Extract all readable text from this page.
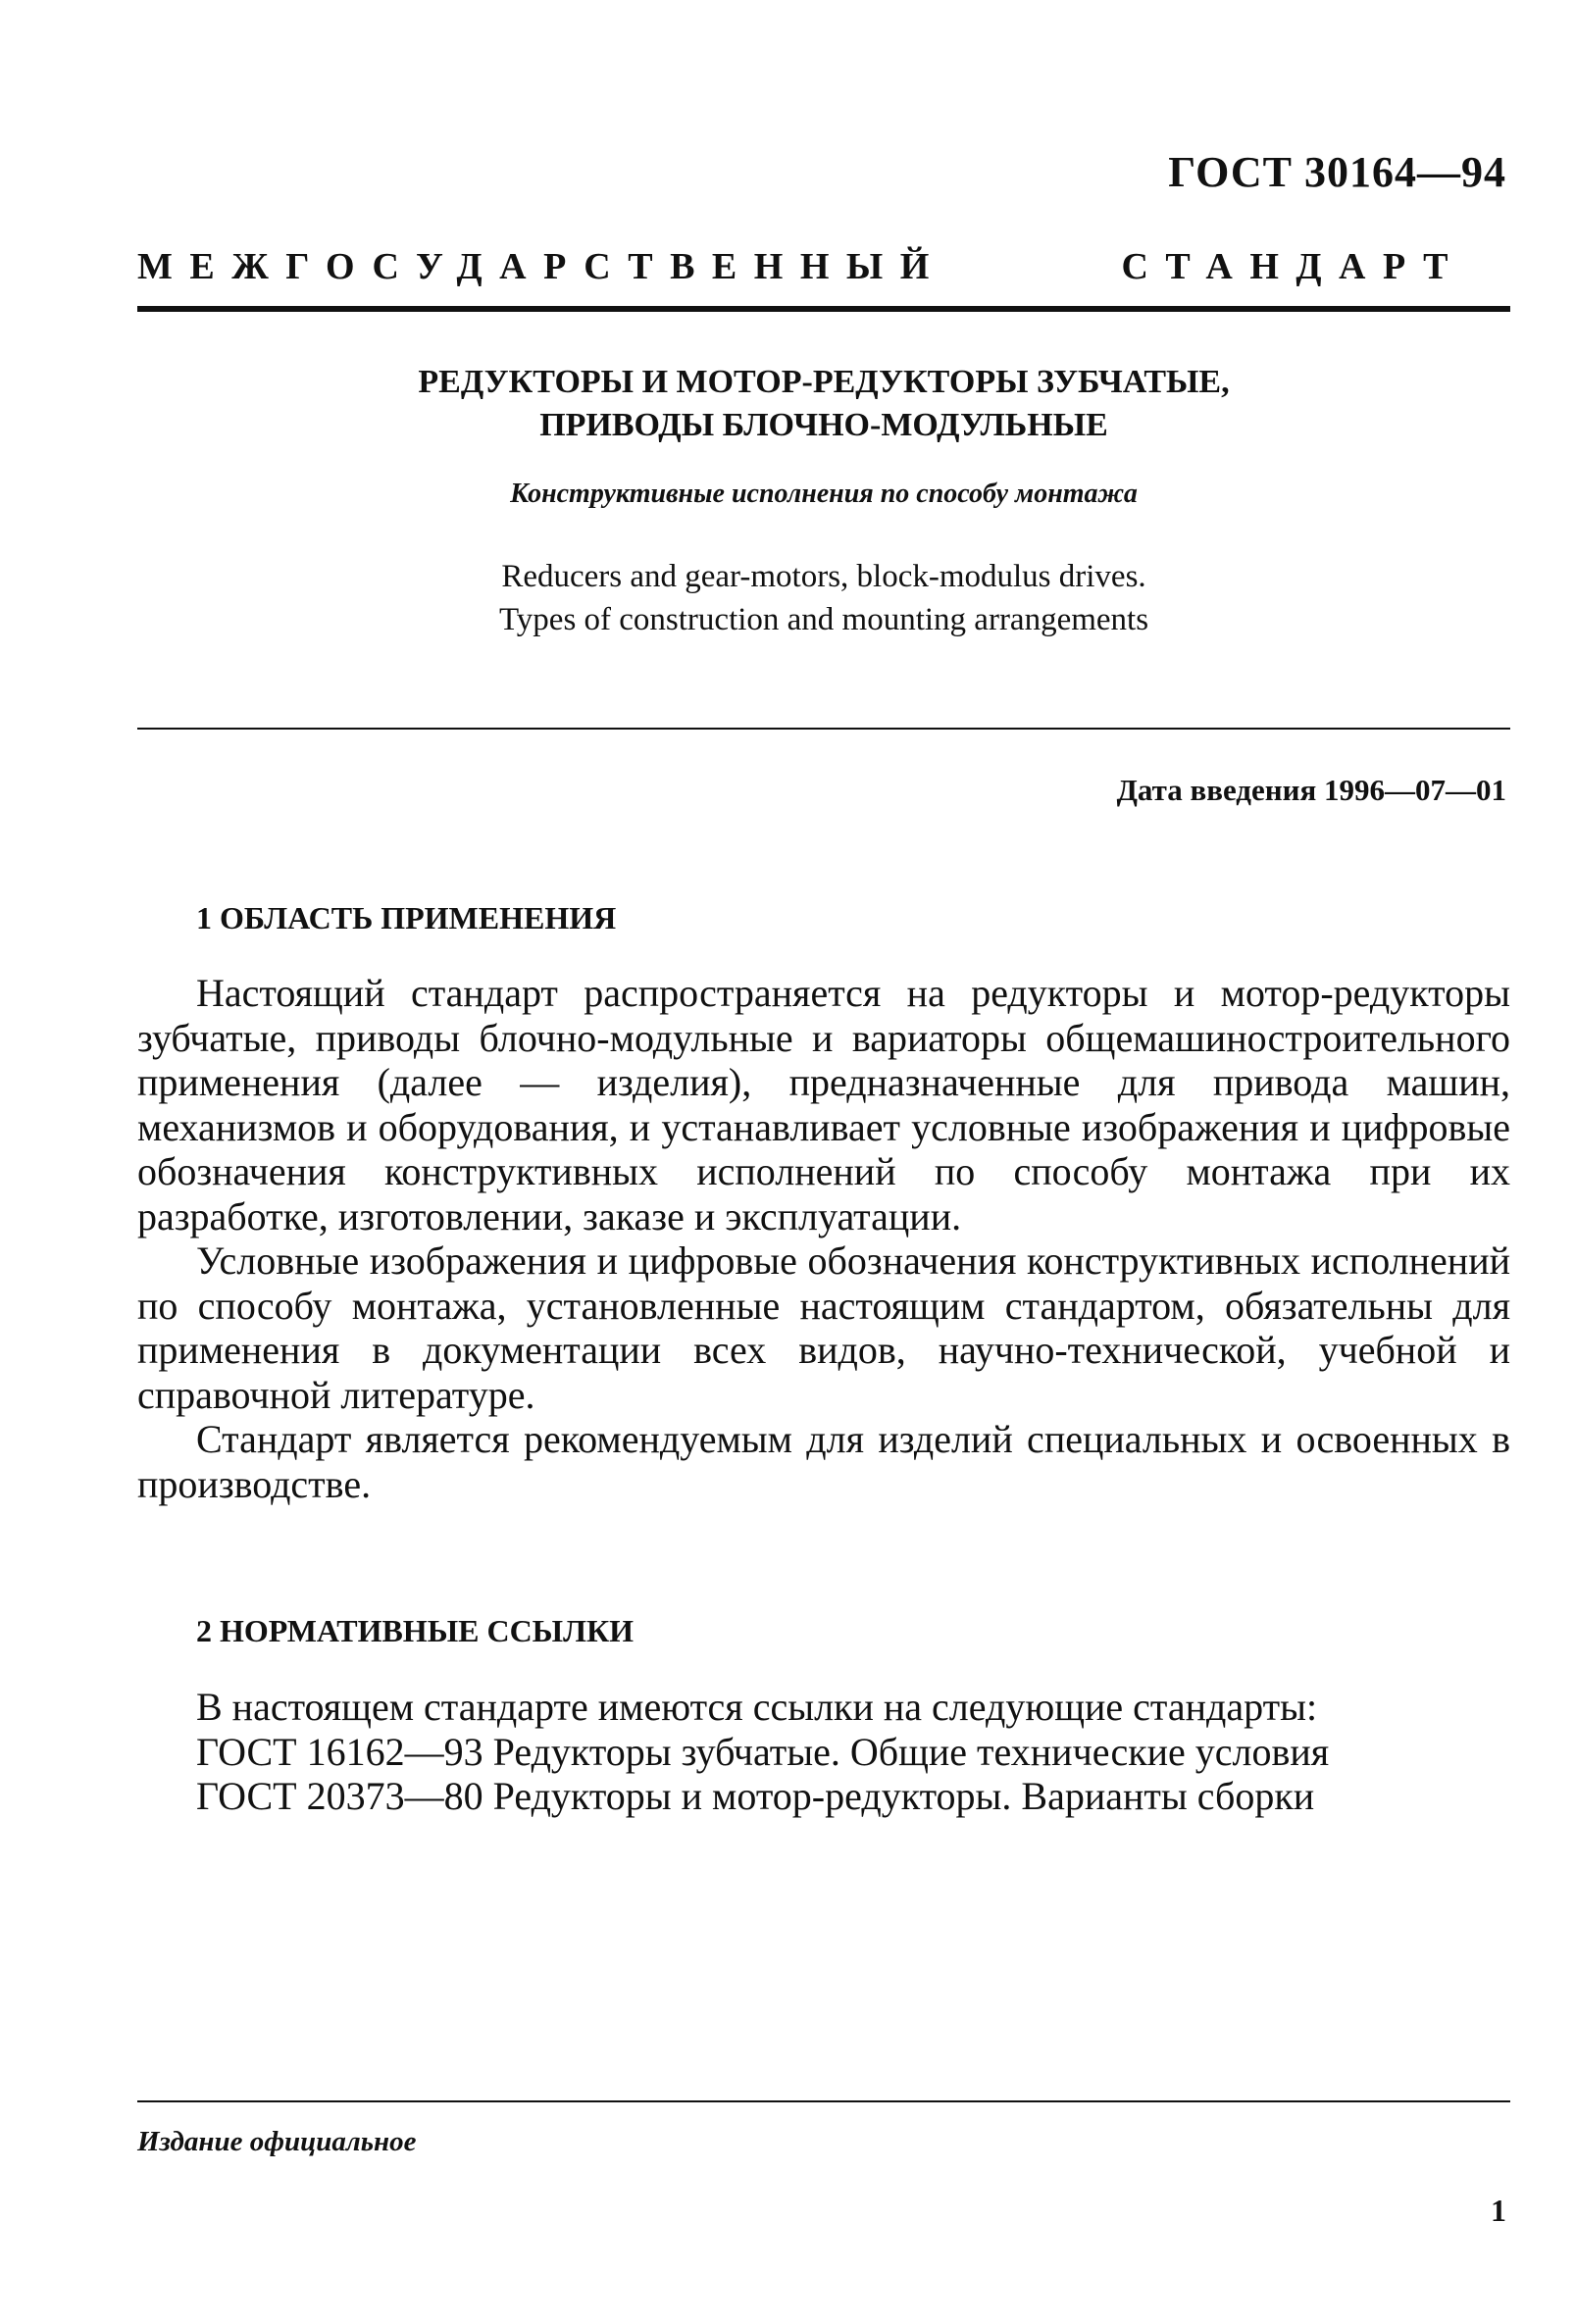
ГОСТ 30164—94
МЕЖГОСУДАРСТВЕННЫЙ	СТАНДАРТ
РЕДУКТОРЫ И МОТОР-РЕДУКТОРЫ ЗУБЧАТЫЕ,
ПРИВОДЫ БЛОЧНО-МОДУЛЬНЫЕ
Конструктивные исполнения по способу монтажа
Reducers and gear-motors, block-modulus drives.
Types of construction and mounting arrangements
Дата введения 1996—07—01
1 ОБЛАСТЬ ПРИМЕНЕНИЯ

Настоящий стандарт распространяется на редукторы и мотор-редукторы зубчатые, приводы блочно-модульные и вариаторы общемашиностроительного применения (далее — изделия), предназначенные для привода машин, механизмов и оборудования, и устанавливает условные изображения и цифровые обозначения конструктивных исполнений по способу монтажа при их разработке, изготовлении, заказе и эксплуатации.

Условные изображения и цифровые обозначения конструктивных исполнений по способу монтажа, установленные настоящим стандартом, обязательны для применения в документации всех видов, научно-технической, учебной и справочной литературе.

Стандарт является рекомендуемым для изделий специальных и освоенных в производстве.

2 НОРМАТИВНЫЕ ССЫЛКИ

В настоящем стандарте имеются ссылки на следующие стандарты:

ГОСТ 16162—93 Редукторы зубчатые. Общие технические условия

ГОСТ 20373—80 Редукторы и мотор-редукторы. Варианты сборки

Издание официальное
1
